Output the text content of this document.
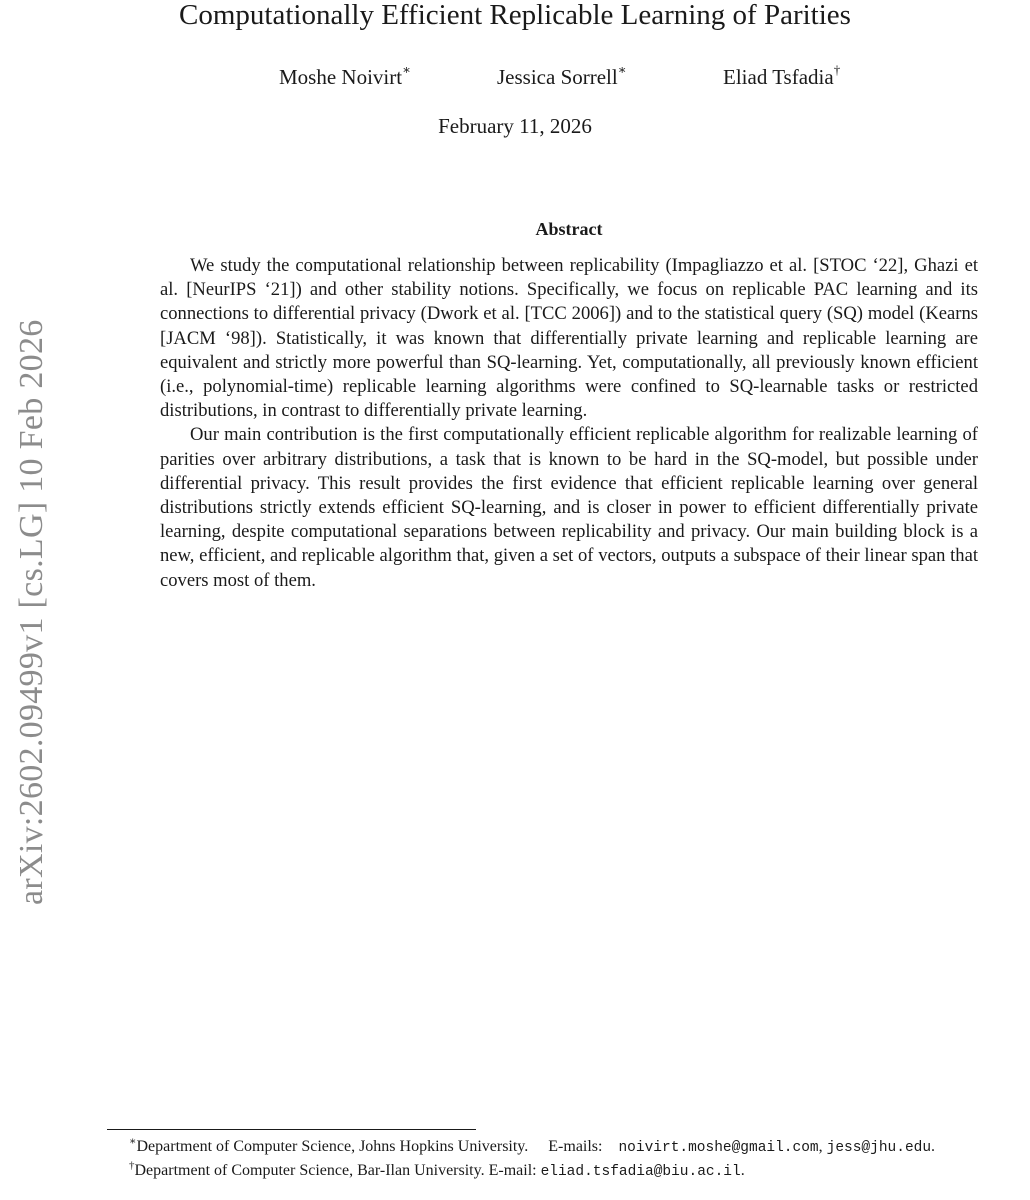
arXiv:2602.09499v1 [cs.LG] 10 Feb 2026
Computationally Efficient Replicable Learning of Parities
Moshe Noivirt∗	Jessica Sorrell∗	Eliad Tsfadia†
February 11, 2026
Abstract

We study the computational relationship between replicability (Impagliazzo et al. [STOC ‘22], Ghazi et al. [NeurIPS ‘21]) and other stability notions. Specifically, we focus on replicable PAC learning and its connections to differential privacy (Dwork et al. [TCC 2006]) and to the statistical query (SQ) model (Kearns [JACM ‘98]). Statistically, it was known that differentially private learning and replicable learning are equivalent and strictly more powerful than SQ-learning. Yet, computationally, all previously known efficient (i.e., polynomial-time) replicable learning algorithms were confined to SQ-learnable tasks or restricted distributions, in contrast to differentially private learning.

Our main contribution is the first computationally efficient replicable algorithm for realizable learning of parities over arbitrary distributions, a task that is known to be hard in the SQ-model, but possible under differential privacy. This result provides the first evidence that efficient replicable learning over general distributions strictly extends efficient SQ-learning, and is closer in power to efficient differentially private learning, despite computational separations between replicability and privacy. Our main building block is a new, efficient, and replicable algorithm that, given a set of vectors, outputs a subspace of their linear span that covers most of them.

∗Department of Computer Science, Johns Hopkins University. E-mails: noivirt.moshe@gmail.com, jess@jhu.edu.

†Department of Computer Science, Bar-Ilan University. E-mail: eliad.tsfadia@biu.ac.il.
